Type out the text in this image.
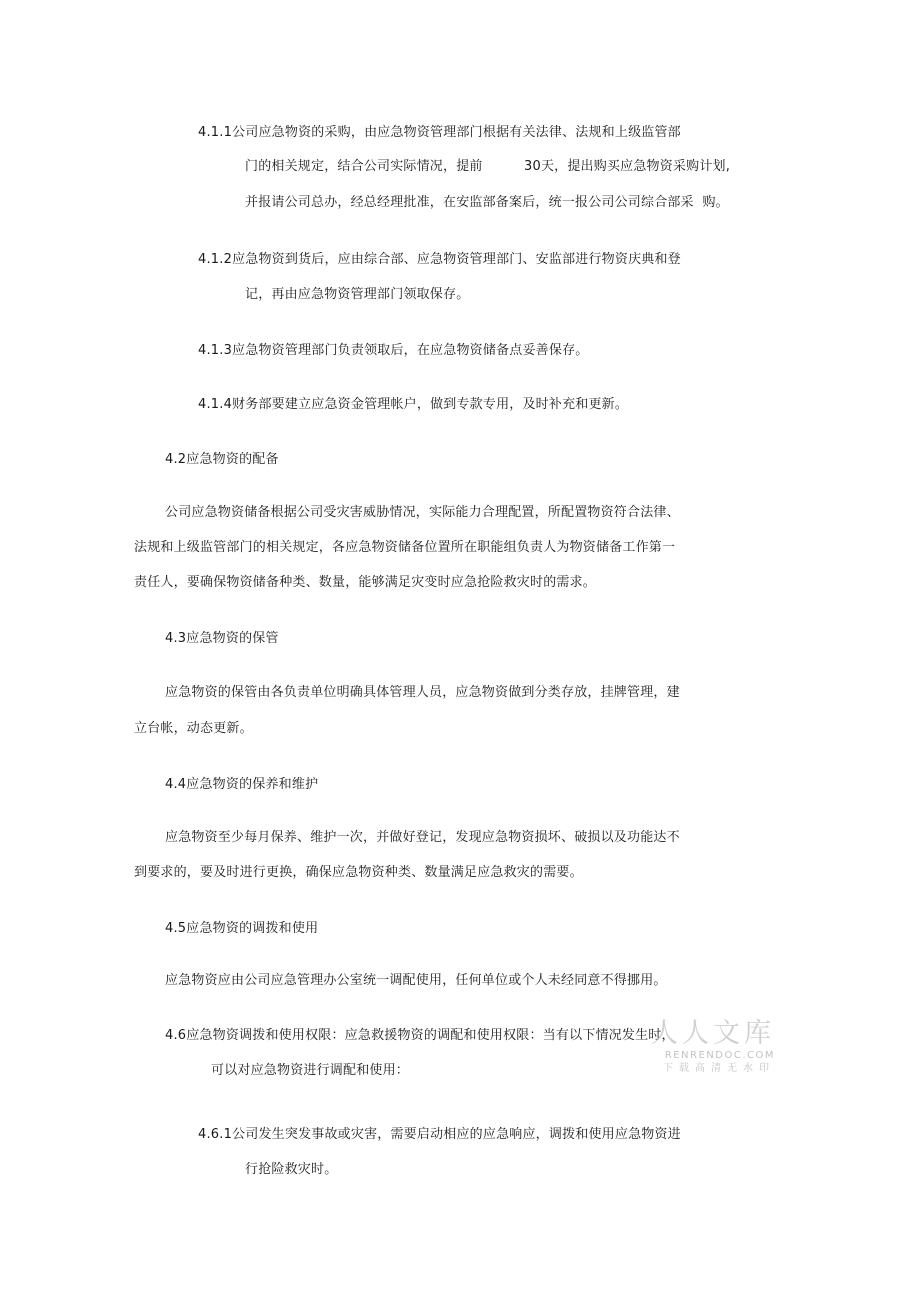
4.1.1公司应急物资的采购，由应急物资管理部门根据有关法律、法规和上级监管部
门的相关规定，结合公司实际情况，提前	30天，提出购买应急物资采购计划,
并报请公司总办，经总经理批准，在安监部备案后，统一报公司公司综合部采  购。
4.1.2应急物资到货后，应由综合部、应急物资管理部门、安监部进行物资庆典和登
记，再由应急物资管理部门领取保存。
4.1.3应急物资管理部门负责领取后，在应急物资储备点妥善保存。
4.1.4财务部要建立应急资金管理帐户，做到专款专用，及时补充和更新。
4.2应急物资的配备
公司应急物资储备根据公司受灾害威胁情况，实际能力合理配置，所配置物资符合法律、
法规和上级监管部门的相关规定，各应急物资储备位置所在职能组负责人为物资储备工作第一
责任人，要确保物资储备种类、数量，能够满足灾变时应急抢险救灾时的需求。
4.3应急物资的保管
应急物资的保管由各负责单位明确具体管理人员，应急物资做到分类存放，挂牌管理，建
立台帐，动态更新。
4.4应急物资的保养和维护
应急物资至少每月保养、维护一次，并做好登记，发现应急物资损坏、破损以及功能达不
到要求的，要及时进行更换，确保应急物资种类、数量满足应急救灾的需要。
4.5应急物资的调拨和使用
应急物资应由公司应急管理办公室统一调配使用，任何单位或个人未经同意不得挪用。
4.6应急物资调拨和使用权限：应急救援物资的调配和使用权限：当有以下情况发生时，
可以对应急物资进行调配和使用：
4.6.1公司发生突发事故或灾害，需要启动相应的应急响应，调拨和使用应急物资进
行抢险救灾时。
人人文库
RENRENDOC.COM
下载高清无水印
